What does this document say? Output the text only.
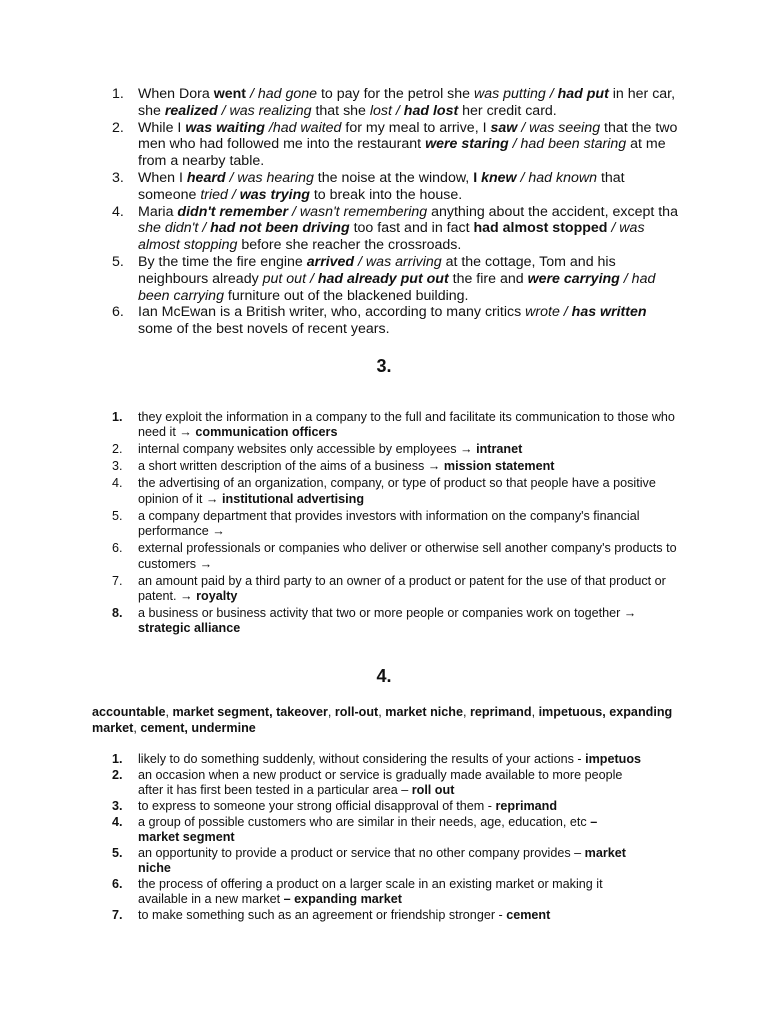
1. When Dora went / had gone to pay for the petrol she was putting / had put in her car, she realized / was realizing that she lost / had lost her credit card.
2. While I was waiting /had waited for my meal to arrive, I saw / was seeing that the two men who had followed me into the restaurant were staring / had been staring at me from a nearby table.
3. When I heard / was hearing the noise at the window, I knew / had known that someone tried / was trying to break into the house.
4. Maria didn't remember / wasn't remembering anything about the accident, except tha she didn't / had not been driving too fast and in fact had almost stopped / was almost stopping before she reacher the crossroads.
5. By the time the fire engine arrived / was arriving at the cottage, Tom and his neighbours already put out / had already put out the fire and were carrying / had been carrying furniture out of the blackened building.
6. Ian McEwan is a British writer, who, according to many critics wrote / has written some of the best novels of recent years.
3.
1. they exploit the information in a company to the full and facilitate its communication to those who need it → communication officers
2. internal company websites only accessible by employees → intranet
3. a short written description of the aims of a business → mission statement
4. the advertising of an organization, company, or type of product so that people have a positive opinion of it → institutional advertising
5. a company department that provides investors with information on the company's financial performance →
6. external professionals or companies who deliver or otherwise sell another company's products to customers →
7. an amount paid by a third party to an owner of a product or patent for the use of that product or patent. → royalty
8. a business or business activity that two or more people or companies work on together → strategic alliance
4.
accountable, market segment, takeover, roll-out, market niche, reprimand, impetuous, expanding market, cement, undermine
1. likely to do something suddenly, without considering the results of your actions - impetuos
2. an occasion when a new product or service is gradually made available to more people after it has first been tested in a particular area – roll out
3. to express to someone your strong official disapproval of them - reprimand
4. a group of possible customers who are similar in their needs, age, education, etc – market segment
5. an opportunity to provide a product or service that no other company provides – market niche
6. the process of offering a product on a larger scale in an existing market or making it available in a new market – expanding market
7. to make something such as an agreement or friendship stronger - cement
